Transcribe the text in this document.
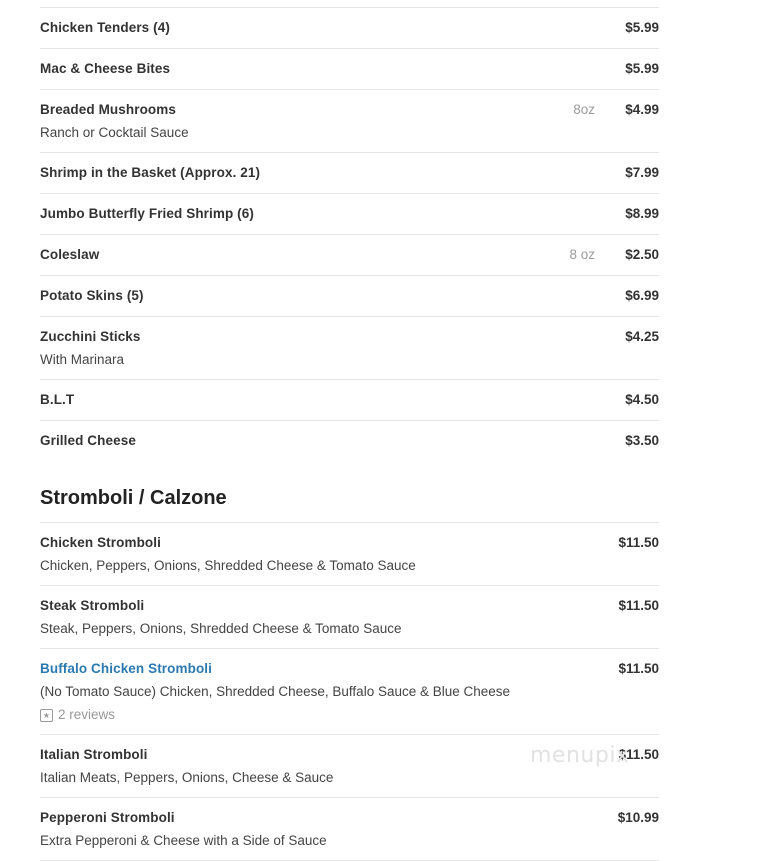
Chicken Tenders (4)	$5.99
Mac & Cheese Bites	$5.99
Breaded Mushrooms	8oz $4.99
Ranch or Cocktail Sauce
Shrimp in the Basket (Approx. 21)	$7.99
Jumbo Butterfly Fried Shrimp (6)	$8.99
Coleslaw	8 oz $2.50
Potato Skins (5)	$6.99
Zucchini Sticks	$4.25
With Marinara
B.L.T	$4.50
Grilled Cheese	$3.50
Stromboli / Calzone
Chicken Stromboli	$11.50
Chicken, Peppers, Onions, Shredded Cheese & Tomato Sauce
Steak Stromboli	$11.50
Steak, Peppers, Onions, Shredded Cheese & Tomato Sauce
Buffalo Chicken Stromboli	$11.50
(No Tomato Sauce) Chicken, Shredded Cheese, Buffalo Sauce & Blue Cheese
★ 2 reviews
Italian Stromboli	$11.50
Italian Meats, Peppers, Onions, Cheese & Sauce
Pepperoni Stromboli	$10.99
Extra Pepperoni & Cheese with a Side of Sauce
menupix
